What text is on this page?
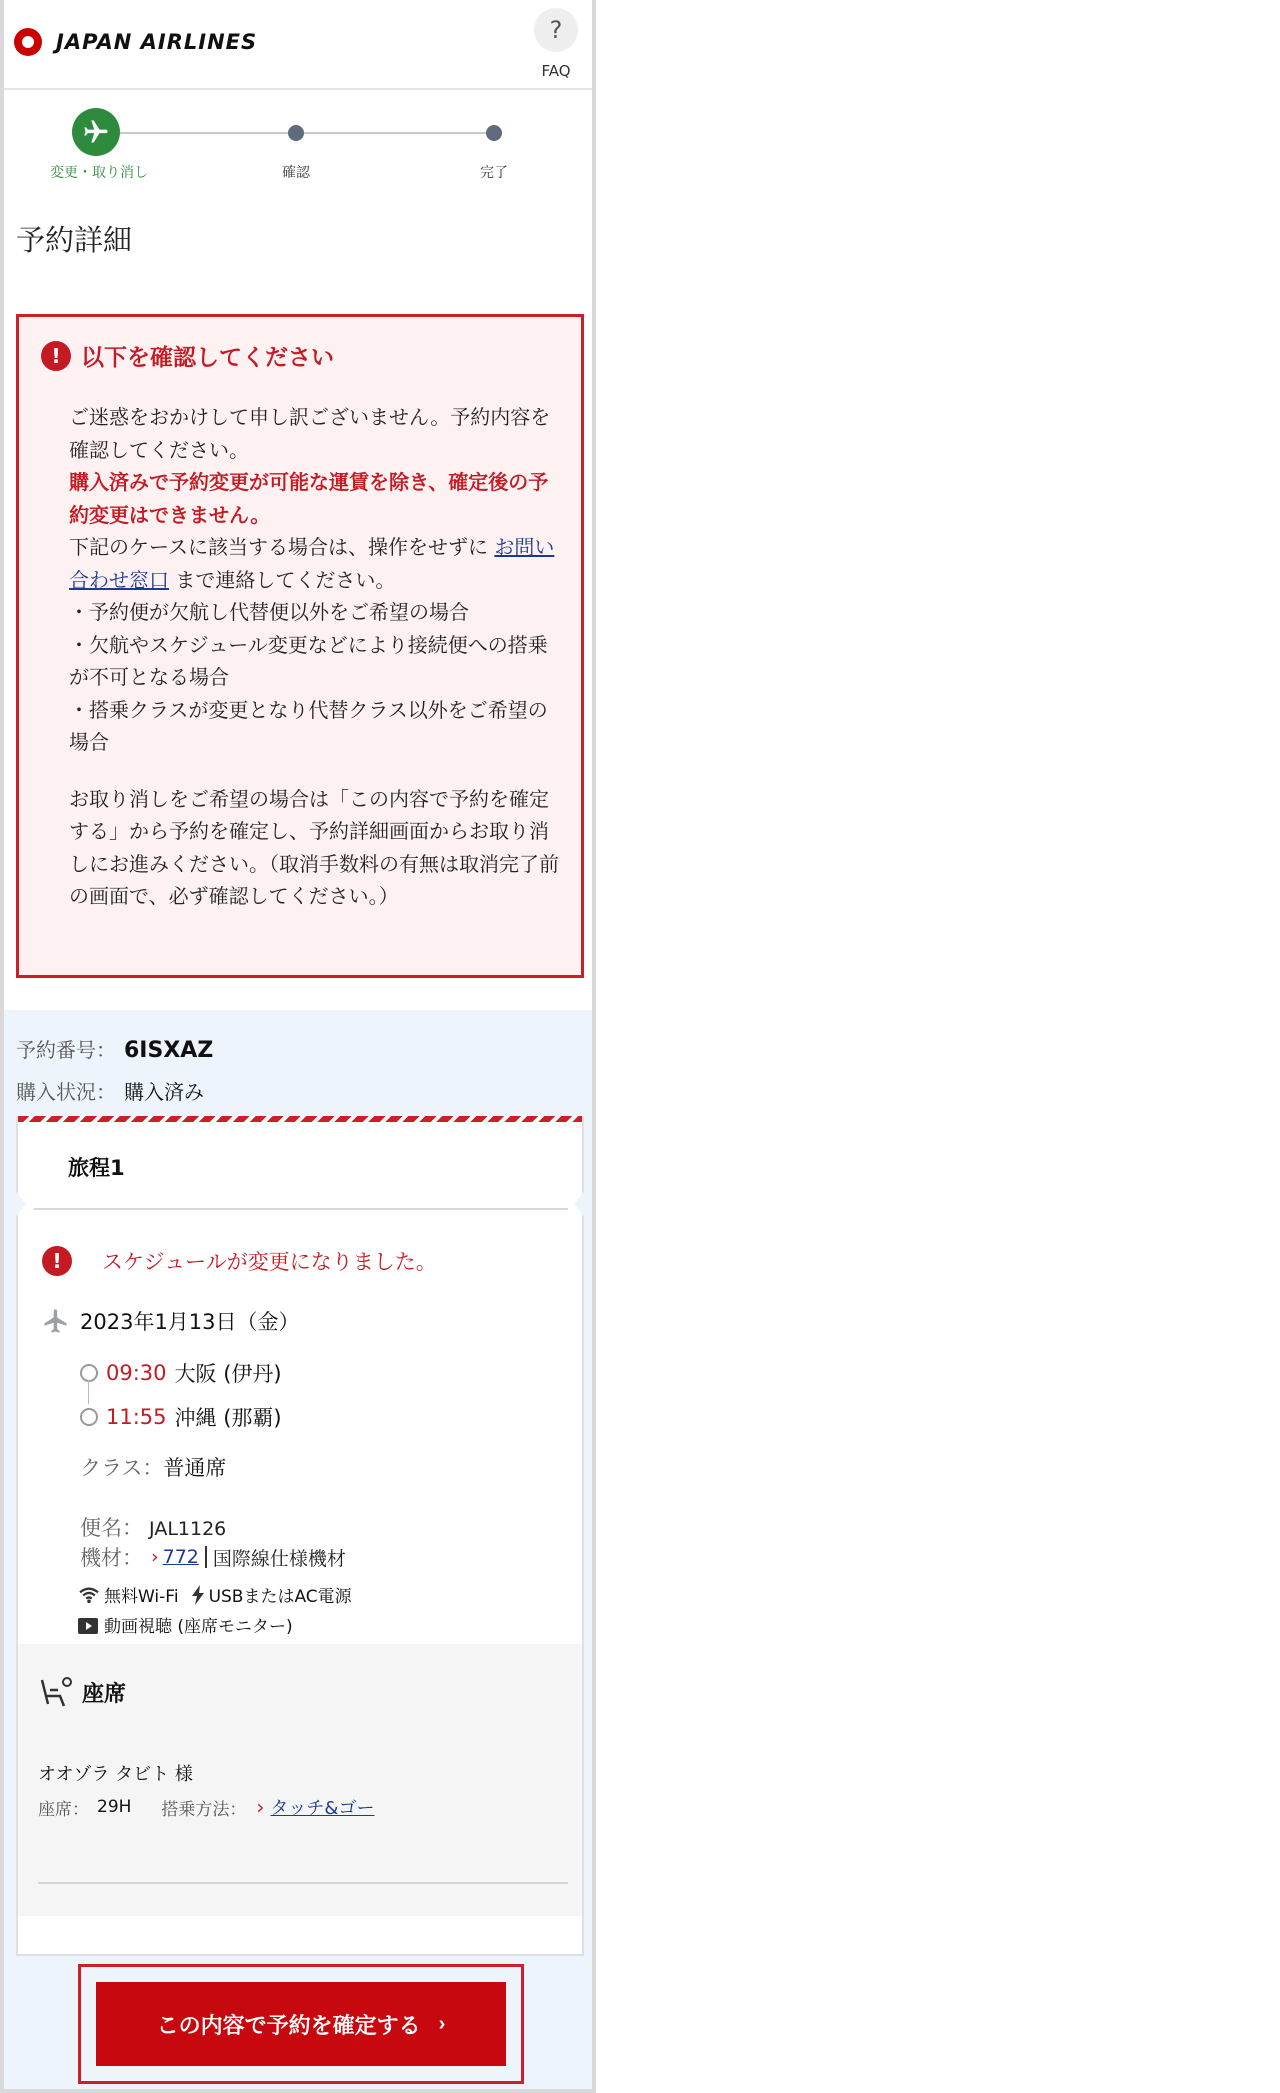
JAPAN AIRLINES	?
FAQ
変更・取り消し	確認	完了
予約詳細
! 以下を確認してください

ご迷惑をおかけして申し訳ございません。予約内容を確認してください。

購入済みで予約変更が可能な運賃を除き、確定後の予約変更はできません。

下記のケースに該当する場合は、操作をせずに お問い合わせ窓口 まで連絡してください。

・予約便が欠航し代替便以外をご希望の場合

・欠航やスケジュール変更などにより接続便への搭乗が不可となる場合

・搭乗クラスが変更となり代替クラス以外をご希望の場合

お取り消しをご希望の場合は「この内容で予約を確定する」から予約を確定し、予約詳細画面からお取り消しにお進みください。（取消手数料の有無は取消完了前の画面で、必ず確認してください。）

予約番号： 6ISXAZ
購入状況： 購入済み
旅程1
!	スケジュールが変更になりました。
2023年1月13日（金）
09:30 大阪 (伊丹)
11:55 沖縄 (那覇)
クラス：普通席
便名： JAL1126
機材： › 772 国際線仕様機材
無料Wi-Fi USBまたはAC電源
動画視聴 (座席モニター)
座席
オオゾラ タビト 様
座席： 29H 搭乗方法： › タッチ&ゴー
この内容で予約を確定する ›
